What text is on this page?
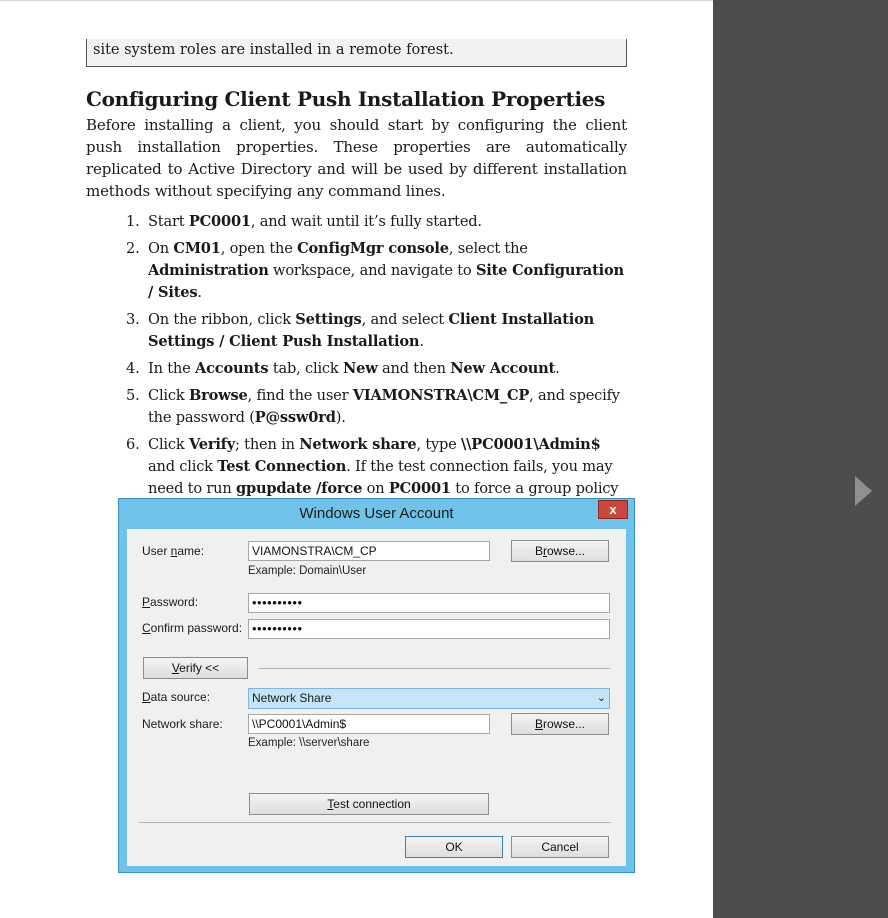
site system roles are installed in a remote forest.
Configuring Client Push Installation Properties
Before installing a client, you should start by configuring the client push installation properties. These properties are automatically replicated to Active Directory and will be used by different installation methods without specifying any command lines.
1. Start PC0001, and wait until it’s fully started.
2. On CM01, open the ConfigMgr console, select the Administration workspace, and navigate to Site Configuration / Sites.
3. On the ribbon, click Settings, and select Client Installation Settings / Client Push Installation.
4. In the Accounts tab, click New and then New Account.
5. Click Browse, find the user VIAMONSTRA\CM_CP, and specify the password (P@ssw0rd).
6. Click Verify; then in Network share, type \\PC0001\Admin$ and click Test Connection. If the test connection fails, you may need to run gpupdate /force on PC0001 to force a group policy
Windows User Account	x
User name:	VIAMONSTRA\CM_CP	Browse...
Example: Domain\User
Password:	••••••••••
Confirm password: ••••••••••
Verify <<
Data source:	Network Share	⌄
Network share:	\\PC0001\Admin$	Browse...
Example: \\server\share
Test connection
OK	Cancel
